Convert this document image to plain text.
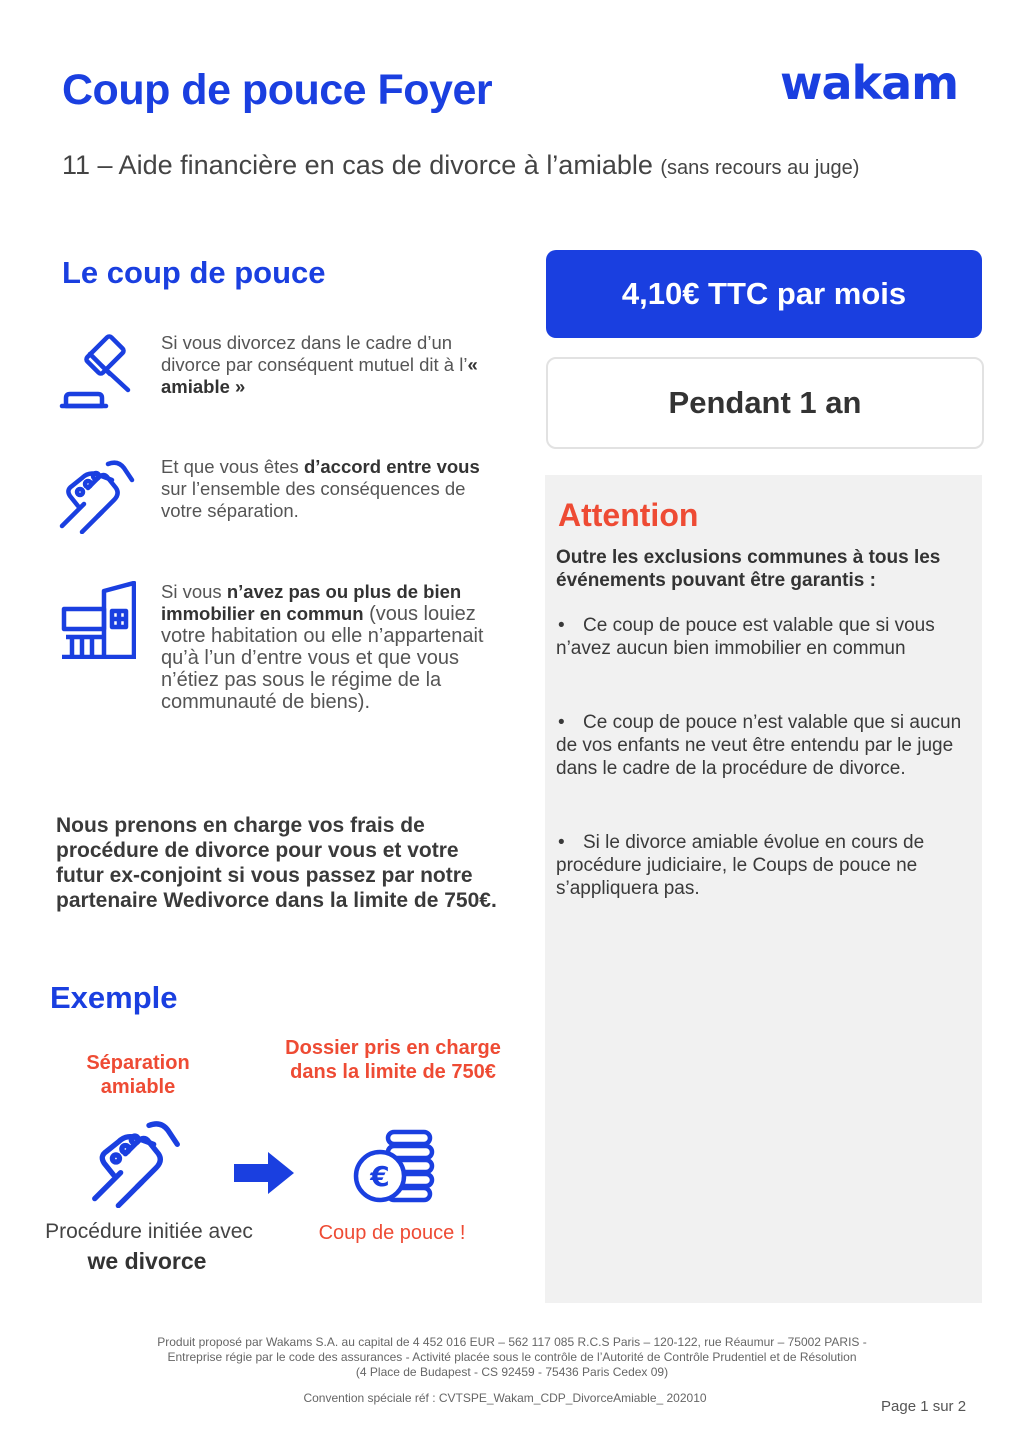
Coup de pouce Foyer	wakam
11 – Aide financière en cas de divorce à l’amiable (sans recours au juge)
Le coup de pouce
Si vous divorcez dans le cadre d’un divorce par conséquent mutuel dit à l’« amiable »
Et que vous êtes d’accord entre vous sur l’ensemble des conséquences de votre séparation.
Si vous n’avez pas ou plus de bien immobilier en commun (vous louiez votre habitation ou elle n’appartenait qu’à l’un d’entre vous et que vous n’étiez pas sous le régime de la communauté de biens).
Nous prenons en charge vos frais de procédure de divorce pour vous et votre futur ex-conjoint si vous passez par notre partenaire Wedivorce dans la limite de 750€.
4,10€ TTC par mois
Pendant 1 an
Attention
Outre les exclusions communes à tous les événements pouvant être garantis :
• Ce coup de pouce est valable que si vous n’avez aucun bien immobilier en commun
• Ce coup de pouce n’est valable que si aucun de vos enfants ne veut être entendu par le juge dans le cadre de la procédure de divorce.
• Si le divorce amiable évolue en cours de procédure judiciaire, le Coups de pouce ne s’appliquera pas.
Exemple
Séparation amiable
Dossier pris en charge dans la limite de 750€
€
Procédure initiée avec
we divorce
Coup de pouce !
Produit proposé par Wakams S.A. au capital de 4 452 016 EUR – 562 117 085 R.C.S Paris – 120-122, rue Réaumur – 75002 PARIS -
Entreprise régie par le code des assurances - Activité placée sous le contrôle de l’Autorité de Contrôle Prudentiel et de Résolution
(4 Place de Budapest - CS 92459 - 75436 Paris Cedex 09)
Convention spéciale réf : CVTSPE_Wakam_CDP_DivorceAmiable_ 202010	Page 1 sur 2
